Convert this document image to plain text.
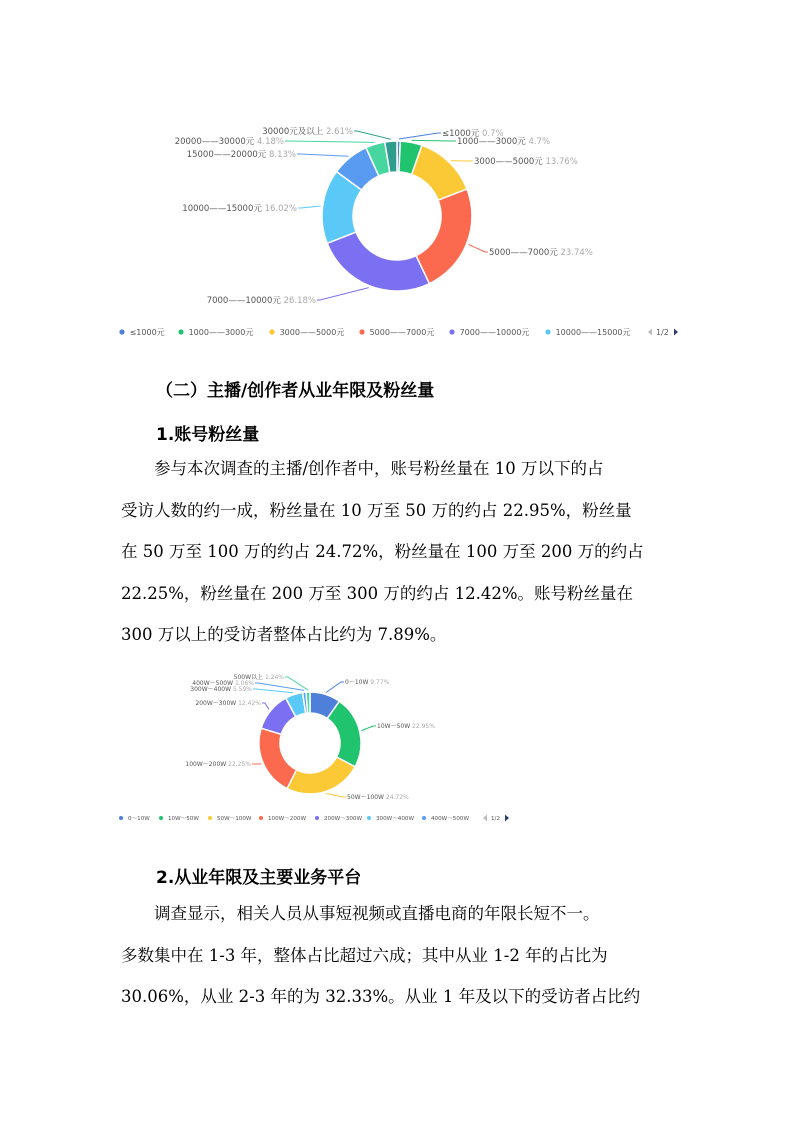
≤1000元 0.7%
1000——3000元 4.7%
3000——5000元 13.76%
5000——7000元 23.74%
7000——10000元 26.18%
10000——15000元 16.02%
15000——20000元 8.13%
20000——30000元 4.18%
30000元及以上 2.61%
≤1000元	1000——3000元	3000——5000元	5000——7000元	7000——10000元	10000——15000元	1/2
（二）主播/创作者从业年限及粉丝量
1.账号粉丝量

参与本次调查的主播/创作者中，账号粉丝量在 10 万以下的占
受访人数的约一成，粉丝量在 10 万至 50 万的约占 22.95%，粉丝量
在 50 万至 100 万的约占 24.72%，粉丝量在 100 万至 200 万的约占
22.25%，粉丝量在 200 万至 300 万的约占 12.42%。账号粉丝量在
300 万以上的受访者整体占比约为 7.89%。

0～10W 9.77%
10W～50W 22.95%
50W～100W 24.72%
100W～200W 22.25%
200W～300W 12.42%
300W～400W 5.59%
400W～500W 1.06%
500W以上 1.24%
0～10W	10W～50W	50W～100W	100W～200W	200W～300W 300W～400W	400W～500W	1/2
2.从业年限及主要业务平台

调查显示，相关人员从事短视频或直播电商的年限长短不一。
多数集中在 1-3 年，整体占比超过六成；其中从业 1-2 年的占比为
30.06%，从业 2-3 年的为 32.33%。从业 1 年及以下的受访者占比约
